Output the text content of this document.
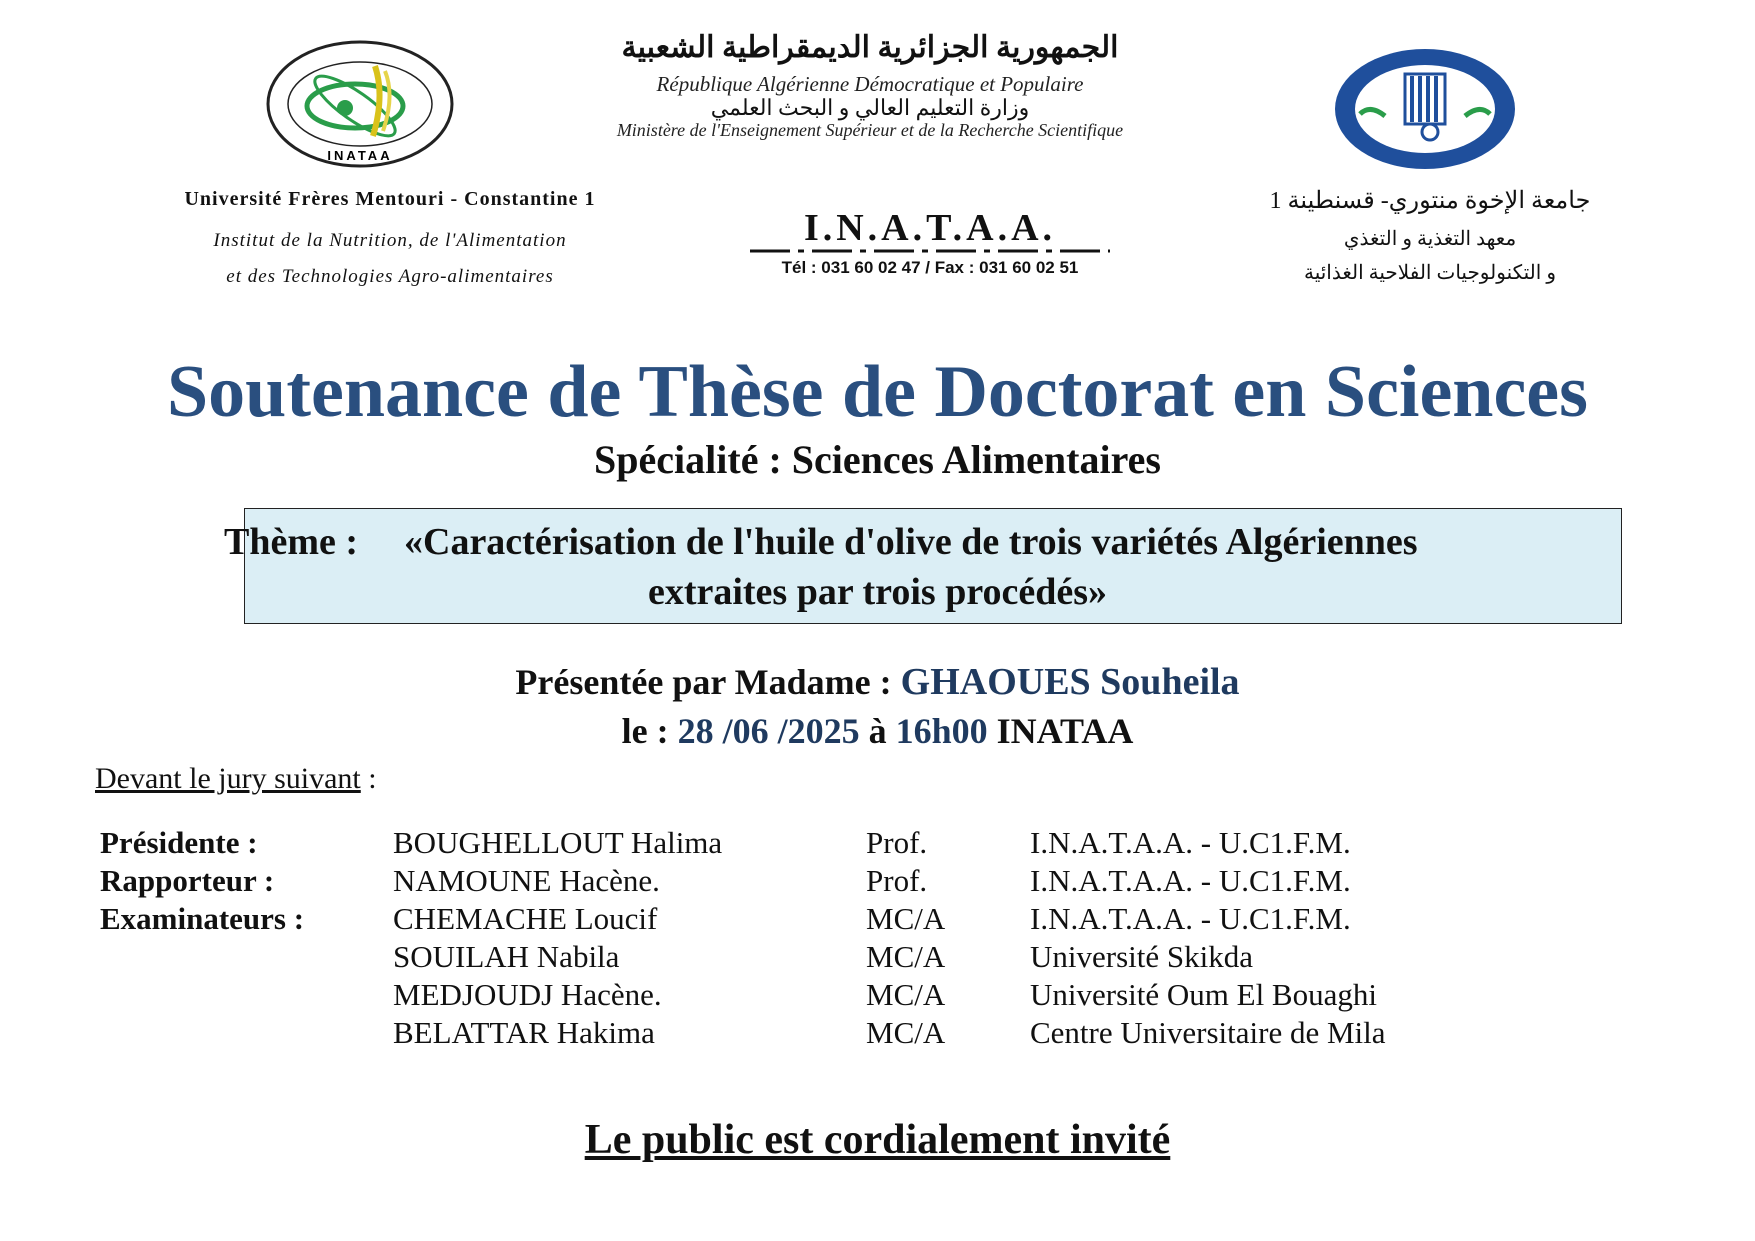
INATAA
الجمهورية الجزائرية الديمقراطية الشعبية
République Algérienne Démocratique et Populaire
وزارة التعليم العالي و البحث العلمي
Ministère de l'Enseignement Supérieur et de la Recherche Scientifique
Université Frères Mentouri - Constantine 1
Institut de la Nutrition, de l'Alimentation
et des Technologies Agro-alimentaires
I.N.A.T.A.A.
Tél : 031 60 02 47 / Fax : 031 60 02 51
جامعة الإخوة منتوري- قسنطينة 1
معهد التغذية و التغذي
و التكنولوجيات الفلاحية الغذائية
Soutenance de Thèse de Doctorat en Sciences
Spécialité : Sciences Alimentaires
Thème : «Caractérisation de l'huile d'olive de trois variétés Algériennes
extraites par trois procédés»
Présentée par Madame : GHAOUES Souheila
le : 28 /06 /2025 à 16h00 INATAA
Devant le jury suivant :
Présidente :	BOUGHELLOUT Halima	Prof.	I.N.A.T.A.A. - U.C1.F.M.
Rapporteur :	NAMOUNE Hacène.	Prof.	I.N.A.T.A.A. - U.C1.F.M.
Examinateurs :	CHEMACHE Loucif	MC/A	I.N.A.T.A.A. - U.C1.F.M.
SOUILAH Nabila	MC/A	Université Skikda
MEDJOUDJ Hacène.	MC/A	Université Oum El Bouaghi
BELATTAR Hakima	MC/A	Centre Universitaire de Mila
Le public est cordialement invité
